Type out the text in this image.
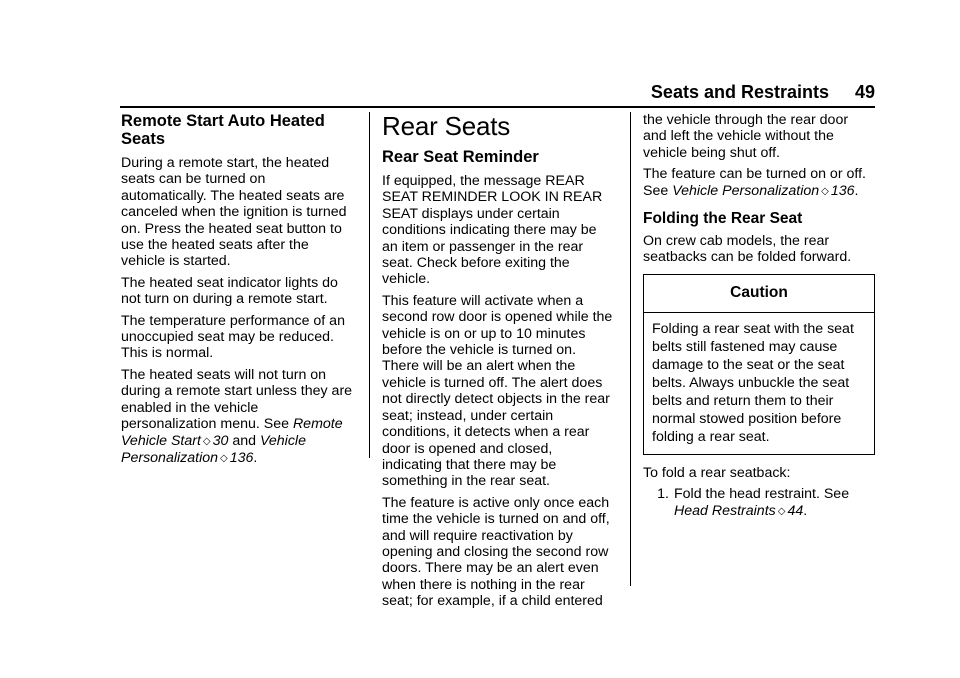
Seats and Restraints 49
Remote Start Auto Heated Seats

During a remote start, the heated seats can be turned on automatically. The heated seats are canceled when the ignition is turned on. Press the heated seat button to use the heated seats after the vehicle is started.

The heated seat indicator lights do not turn on during a remote start.

The temperature performance of an unoccupied seat may be reduced. This is normal.

The heated seats will not turn on during a remote start unless they are enabled in the vehicle personalization menu. See Remote Vehicle Start ◇ 30 and Vehicle Personalization ◇ 136.

Rear Seats
Rear Seat Reminder

If equipped, the message REAR SEAT REMINDER LOOK IN REAR SEAT displays under certain conditions indicating there may be an item or passenger in the rear seat. Check before exiting the vehicle.

This feature will activate when a second row door is opened while the vehicle is on or up to 10 minutes before the vehicle is turned on. There will be an alert when the vehicle is turned off. The alert does not directly detect objects in the rear seat; instead, under certain conditions, it detects when a rear door is opened and closed, indicating that there may be something in the rear seat.

The feature is active only once each time the vehicle is turned on and off, and will require reactivation by opening and closing the second row doors. There may be an alert even when there is nothing in the rear seat; for example, if a child entered

the vehicle through the rear door and left the vehicle without the vehicle being shut off.

The feature can be turned on or off. See Vehicle Personalization ◇ 136.

Folding the Rear Seat

On crew cab models, the rear seatbacks can be folded forward.

Caution
Folding a rear seat with the seat belts still fastened may cause damage to the seat or the seat belts. Always unbuckle the seat belts and return them to their normal stowed position before folding a rear seat.

To fold a rear seatback:

1. Fold the head restraint. See
Head Restraints ◇ 44.
